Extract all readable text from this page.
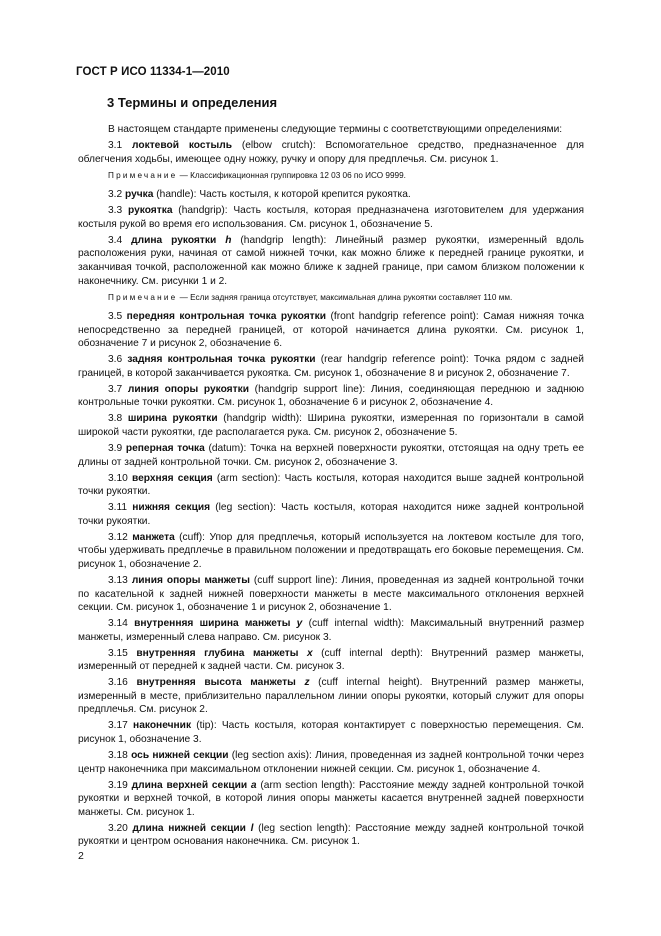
ГОСТ Р ИСО 11334-1—2010
3 Термины и определения

В настоящем стандарте применены следующие термины с соответствующими определениями:

3.1 локтевой костыль (elbow crutch): Вспомогательное средство, предназначенное для облегчения ходьбы, имеющее одну ножку, ручку и опору для предплечья. См. рисунок 1.

Примечание — Классификационная группировка 12 03 06 по ИСО 9999.

3.2 ручка (handle): Часть костыля, к которой крепится рукоятка.

3.3 рукоятка (handgrip): Часть костыля, которая предназначена изготовителем для удержания костыля рукой во время его использования. См. рисунок 1, обозначение 5.

3.4 длина рукоятки h (handgrip length): Линейный размер рукоятки, измеренный вдоль расположения руки, начиная от самой нижней точки, как можно ближе к передней границе рукоятки, и заканчивая точкой, расположенной как можно ближе к задней границе, при самом близком положении к наконечнику. См. рисунки 1 и 2.

Примечание — Если задняя граница отсутствует, максимальная длина рукоятки составляет 110 мм.

3.5 передняя контрольная точка рукоятки (front handgrip reference point): Самая нижняя точка непосредственно за передней границей, от которой начинается длина рукоятки. См. рисунок 1, обозначение 7 и рисунок 2, обозначение 6.

3.6 задняя контрольная точка рукоятки (rear handgrip reference point): Точка рядом с задней границей, в которой заканчивается рукоятка. См. рисунок 1, обозначение 8 и рисунок 2, обозначение 7.

3.7 линия опоры рукоятки (handgrip support line): Линия, соединяющая переднюю и заднюю контрольные точки рукоятки. См. рисунок 1, обозначение 6 и рисунок 2, обозначение 4.

3.8 ширина рукоятки (handgrip width): Ширина рукоятки, измеренная по горизонтали в самой широкой части рукоятки, где располагается рука. См. рисунок 2, обозначение 5.

3.9 реперная точка (datum): Точка на верхней поверхности рукоятки, отстоящая на одну треть ее длины от задней контрольной точки. См. рисунок 2, обозначение 3.

3.10 верхняя секция (arm section): Часть костыля, которая находится выше задней контрольной точки рукоятки.

3.11 нижняя секция (leg section): Часть костыля, которая находится ниже задней контрольной точки рукоятки.

3.12 манжета (cuff): Упор для предплечья, который используется на локтевом костыле для того, чтобы удерживать предплечье в правильном положении и предотвращать его боковые перемещения. См. рисунок 1, обозначение 2.

3.13 линия опоры манжеты (cuff support line): Линия, проведенная из задней контрольной точки по касательной к задней нижней поверхности манжеты в месте максимального отклонения верхней секции. См. рисунок 1, обозначение 1 и рисунок 2, обозначение 1.

3.14 внутренняя ширина манжеты y (cuff internal width): Максимальный внутренний размер манжеты, измеренный слева направо. См. рисунок 3.

3.15 внутренняя глубина манжеты x (cuff internal depth): Внутренний размер манжеты, измеренный от передней к задней части. См. рисунок 3.

3.16 внутренняя высота манжеты z (cuff internal height). Внутренний размер манжеты, измеренный в месте, приблизительно параллельном линии опоры рукоятки, который служит для опоры предплечья. См. рисунок 2.

3.17 наконечник (tip): Часть костыля, которая контактирует с поверхностью перемещения. См. рисунок 1, обозначение 3.

3.18 ось нижней секции (leg section axis): Линия, проведенная из задней контрольной точки через центр наконечника при максимальном отклонении нижней секции. См. рисунок 1, обозначение 4.

3.19 длина верхней секции a (arm section length): Расстояние между задней контрольной точкой рукоятки и верхней точкой, в которой линия опоры манжеты касается внутренней задней поверхности манжеты. См. рисунок 1.

3.20 длина нижней секции l (leg section length): Расстояние между задней контрольной точкой рукоятки и центром основания наконечника. См. рисунок 1.

2
